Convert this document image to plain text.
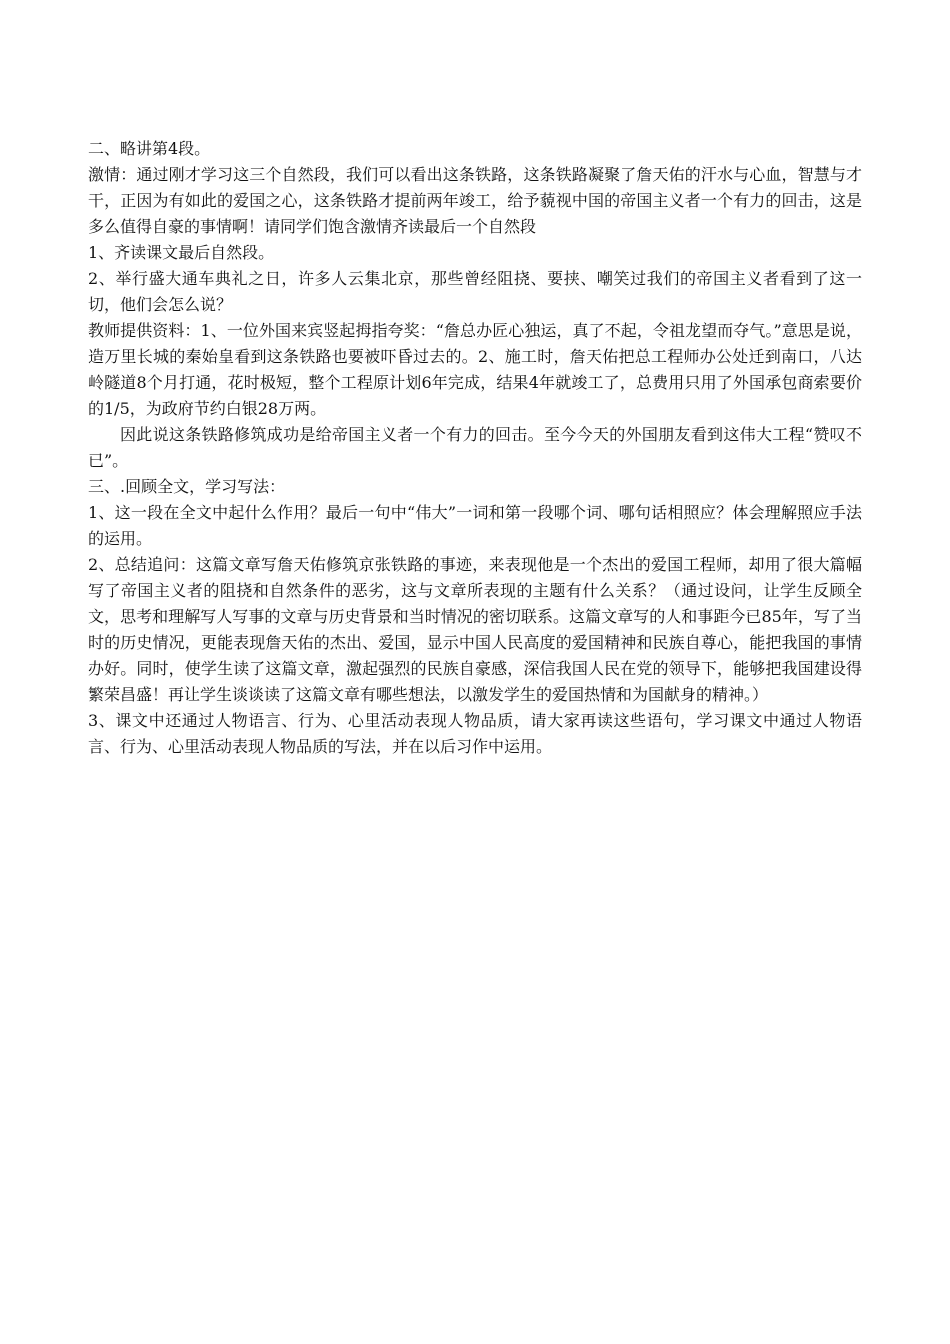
二、略讲第4段。

激情：通过刚才学习这三个自然段，我们可以看出这条铁路，这条铁路凝聚了詹天佑的汗水与心血，智慧与才干，正因为有如此的爱国之心，这条铁路才提前两年竣工，给予藐视中国的帝国主义者一个有力的回击，这是多么值得自豪的事情啊！请同学们饱含激情齐读最后一个自然段

1、齐读课文最后自然段。

2、举行盛大通车典礼之日，许多人云集北京，那些曾经阻挠、要挟、嘲笑过我们的帝国主义者看到了这一切，他们会怎么说？

教师提供资料：1、一位外国来宾竖起拇指夸奖：“詹总办匠心独运，真了不起，令祖龙望而夺气。”意思是说，造万里长城的秦始皇看到这条铁路也要被吓昏过去的。2、施工时，詹天佑把总工程师办公处迁到南口，八达岭隧道8个月打通，花时极短，整个工程原计划6年完成，结果4年就竣工了，总费用只用了外国承包商索要价的1/5，为政府节约白银28万两。

因此说这条铁路修筑成功是给帝国主义者一个有力的回击。至今今天的外国朋友看到这伟大工程“赞叹不已”。

三、.回顾全文，学习写法：

1、这一段在全文中起什么作用？最后一句中“伟大”一词和第一段哪个词、哪句话相照应？体会理解照应手法的运用。

2、总结追问：这篇文章写詹天佑修筑京张铁路的事迹，来表现他是一个杰出的爱国工程师，却用了很大篇幅写了帝国主义者的阻挠和自然条件的恶劣，这与文章所表现的主题有什么关系？（通过设问，让学生反顾全文，思考和理解写人写事的文章与历史背景和当时情况的密切联系。这篇文章写的人和事距今已85年，写了当时的历史情况，更能表现詹天佑的杰出、爱国，显示中国人民高度的爱国精神和民族自尊心，能把我国的事情办好。同时，使学生读了这篇文章，激起强烈的民族自豪感，深信我国人民在党的领导下，能够把我国建设得繁荣昌盛！再让学生谈谈读了这篇文章有哪些想法，以激发学生的爱国热情和为国献身的精神。）

3、课文中还通过人物语言、行为、心里活动表现人物品质，请大家再读这些语句，学习课文中通过人物语言、行为、心里活动表现人物品质的写法，并在以后习作中运用。
